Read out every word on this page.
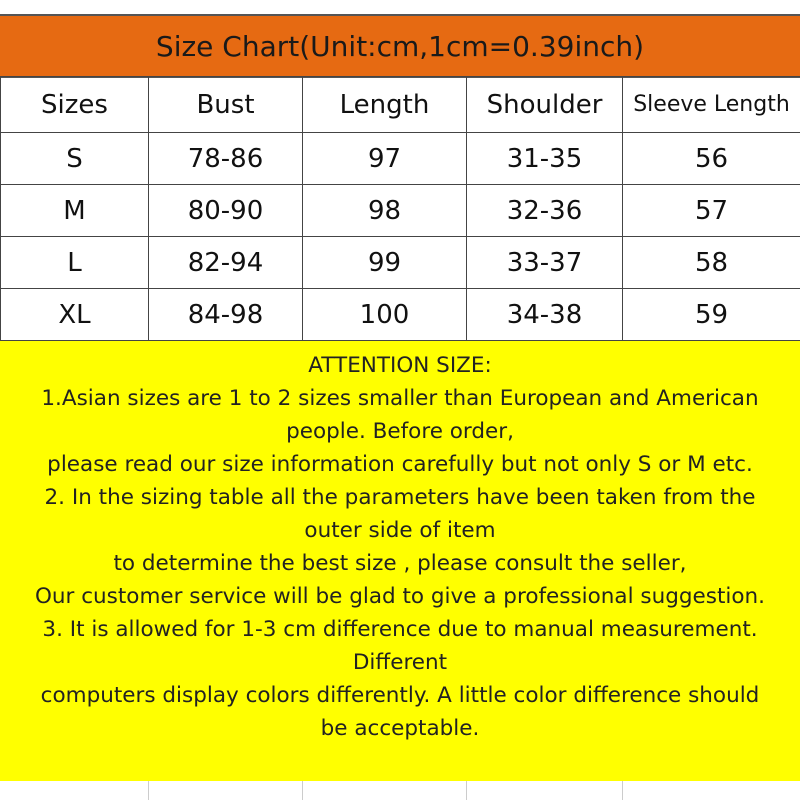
Size Chart(Unit:cm,1cm=0.39inch)
Sizes	Bust	Length	Shoulder	Sleeve Length
S	78-86	97	31-35	56
M	80-90	98	32-36	57
L	82-94	99	33-37	58
XL	84-98	100	34-38	59
ATTENTION SIZE:
1.Asian sizes are 1 to 2 sizes smaller than European and American
people. Before order,
please read our size information carefully but not only S or M etc.
2. In the sizing table all the parameters have been taken from the
outer side of item
to determine the best size , please consult the seller,
Our customer service will be glad to give a professional suggestion.
3. It is allowed for 1-3 cm difference due to manual measurement.
Different
computers display colors differently. A little color difference should
be acceptable.
